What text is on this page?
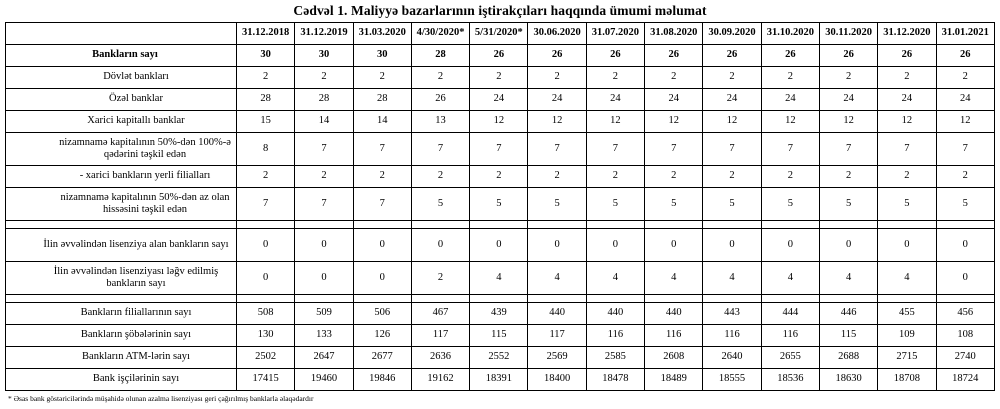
Cədvəl 1. Maliyyə bazarlarının iştirakçıları haqqında ümumi məlumat
	31.12.2018	31.12.2019	31.03.2020	4/30/2020*	5/31/2020*	30.06.2020	31.07.2020	31.08.2020	30.09.2020	31.10.2020	30.11.2020	31.12.2020	31.01.2021
Bankların sayı	30	30	30	28	26	26	26	26	26	26	26	26	26
Dövlət bankları	2	2	2	2	2	2	2	2	2	2	2	2	2
Özəl banklar	28	28	28	26	24	24	24	24	24	24	24	24	24
Xarici kapitallı banklar	15	14	14	13	12	12	12	12	12	12	12	12	12
nizamnamə kapitalının 50%-dən 100%-ə qədərini təşkil edən	8	7	7	7	7	7	7	7	7	7	7	7	7
- xarici bankların yerli filialları	2	2	2	2	2	2	2	2	2	2	2	2	2
nizamnamə kapitalının 50%-dən az olan hissəsini təşkil edən	7	7	7	5	5	5	5	5	5	5	5	5	5

İlin əvvəlindən lisenziya alan bankların sayı	0	0	0	0	0	0	0	0	0	0	0	0	0
İlin əvvəlindən lisenziyası ləğv edilmiş bankların sayı	0	0	0	2	4	4	4	4	4	4	4	4	0

Bankların filiallarının sayı	508	509	506	467	439	440	440	440	443	444	446	455	456
Bankların şöbələrinin sayı	130	133	126	117	115	117	116	116	116	116	115	109	108
Bankların ATM-lərin sayı	2502	2647	2677	2636	2552	2569	2585	2608	2640	2655	2688	2715	2740
Bank işçilərinin sayı	17415	19460	19846	19162	18391	18400	18478	18489	18555	18536	18630	18708	18724
* Əsas bank göstəricilərində müşahidə olunan azalma lisenziyası geri çağırılmış banklarla əlaqədardır
